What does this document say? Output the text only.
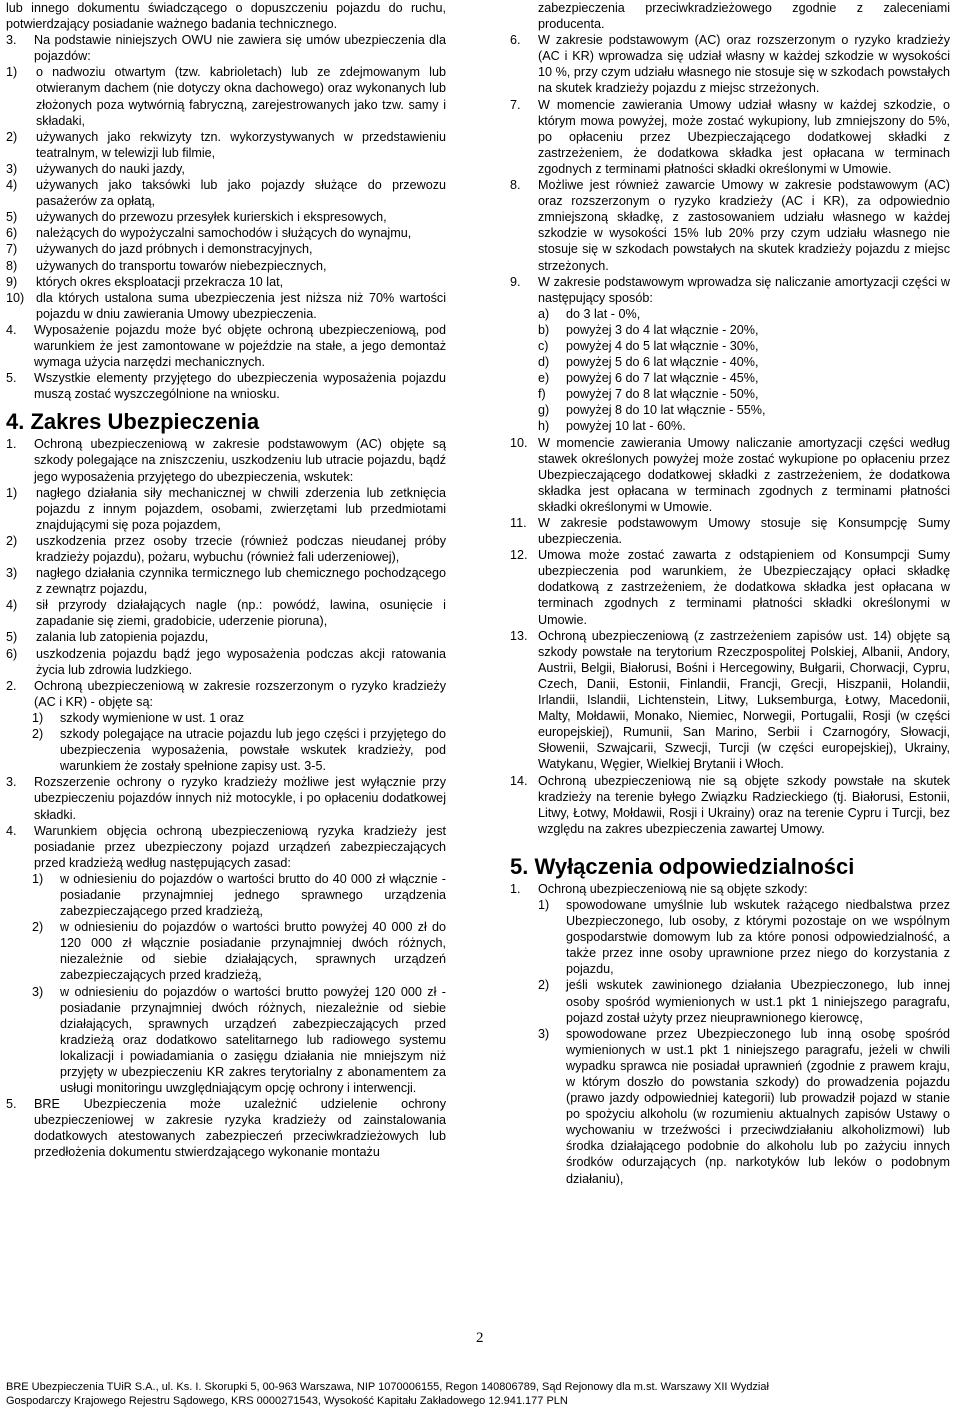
lub innego dokumentu świadczącego o dopuszczeniu pojazdu do ruchu, potwierdzający posiadanie ważnego badania technicznego.

3.	Na podstawie niniejszych OWU nie zawiera się umów ubezpieczenia dla pojazdów:
1)	o nadwoziu otwartym (tzw. kabrioletach) lub ze zdejmowanym lub otwieranym dachem (nie dotyczy okna dachowego) oraz wykonanych lub złożonych poza wytwórnią fabryczną, zarejestrowanych jako tzw. samy i składaki,
2)	używanych jako rekwizyty tzn. wykorzystywanych w przedstawieniu teatralnym, w telewizji lub filmie,
3)	używanych do nauki jazdy,
4)	używanych jako taksówki lub jako pojazdy służące do przewozu pasażerów za opłatą,
5)	używanych do przewozu przesyłek kurierskich i ekspresowych,
6)	należących do wypożyczalni samochodów i służących do wynajmu,
7)	używanych do jazd próbnych i demonstracyjnych,
8)	używanych do transportu towarów niebezpiecznych,
9)	których okres eksploatacji przekracza 10 lat,
10) dla których ustalona suma ubezpieczenia jest niższa niż 70% wartości pojazdu w dniu zawierania Umowy ubezpieczenia.
4.	Wyposażenie pojazdu może być objęte ochroną ubezpieczeniową, pod warunkiem że jest zamontowane w pojeździe na stałe, a jego demontaż wymaga użycia narzędzi mechanicznych.
5.	Wszystkie elementy przyjętego do ubezpieczenia wyposażenia pojazdu muszą zostać wyszczególnione na wniosku.
4. Zakres Ubezpieczenia
1.	Ochroną ubezpieczeniową w zakresie podstawowym (AC) objęte są szkody polegające na zniszczeniu, uszkodzeniu lub utracie pojazdu, bądź jego wyposażenia przyjętego do ubezpieczenia, wskutek:
1)	nagłego działania siły mechanicznej w chwili zderzenia lub zetknięcia pojazdu z innym pojazdem, osobami, zwierzętami lub przedmiotami znajdującymi się poza pojazdem,
2)	uszkodzenia przez osoby trzecie (również podczas nieudanej próby kradzieży pojazdu), pożaru, wybuchu (również fali uderzeniowej),
3)	nagłego działania czynnika termicznego lub chemicznego pochodzącego z zewnątrz pojazdu,
4)	sił przyrody działających nagle (np.: powódź, lawina, osunięcie i zapadanie się ziemi, gradobicie, uderzenie pioruna),
5)	zalania lub zatopienia pojazdu,
6)	uszkodzenia pojazdu bądź jego wyposażenia podczas akcji ratowania życia lub zdrowia ludzkiego.
2.	Ochroną ubezpieczeniową w zakresie rozszerzonym o ryzyko kradzieży (AC i KR) - objęte są:
1)	szkody wymienione w ust. 1 oraz
2)	szkody polegające na utracie pojazdu lub jego części i przyjętego do ubezpieczenia wyposażenia, powstałe wskutek kradzieży, pod warunkiem że zostały spełnione zapisy ust. 3-5.
3.	Rozszerzenie ochrony o ryzyko kradzieży możliwe jest wyłącznie przy ubezpieczeniu pojazdów innych niż motocykle, i po opłaceniu dodatkowej składki.
4.	Warunkiem objęcia ochroną ubezpieczeniową ryzyka kradzieży jest posiadanie przez ubezpieczony pojazd urządzeń zabezpieczających przed kradzieżą według następujących zasad:
1)	w odniesieniu do pojazdów o wartości brutto do 40 000 zł włącznie - posiadanie przynajmniej jednego sprawnego urządzenia zabezpieczającego przed kradzieżą,
2)	w odniesieniu do pojazdów o wartości brutto powyżej 40 000 zł do 120 000 zł włącznie posiadanie przynajmniej dwóch różnych, niezależnie od siebie działających, sprawnych urządzeń zabezpieczających przed kradzieżą,
3)	w odniesieniu do pojazdów o wartości brutto powyżej 120 000 zł - posiadanie przynajmniej dwóch różnych, niezależnie od siebie działających, sprawnych urządzeń zabezpieczających przed kradzieżą oraz dodatkowo satelitarnego lub radiowego systemu lokalizacji i powiadamiania o zasięgu działania nie mniejszym niż przyjęty w ubezpieczeniu KR zakres terytorialny z abonamentem za usługi monitoringu uwzględniającym opcję ochrony i interwencji.
5.	BRE Ubezpieczenia może uzależnić udzielenie ochrony ubezpieczeniowej w zakresie ryzyka kradzieży od zainstalowania dodatkowych atestowanych zabezpieczeń przeciwkradzieżowych lub przedłożenia dokumentu stwierdzającego wykonanie montażu

zabezpieczenia przeciwkradzieżowego zgodnie z zaleceniami producenta.

6.	W zakresie podstawowym (AC) oraz rozszerzonym o ryzyko kradzieży (AC i KR) wprowadza się udział własny w każdej szkodzie w wysokości 10 %, przy czym udziału własnego nie stosuje się w szkodach powstałych na skutek kradzieży pojazdu z miejsc strzeżonych.
7.	W momencie zawierania Umowy udział własny w każdej szkodzie, o którym mowa powyżej, może zostać wykupiony, lub zmniejszony do 5%, po opłaceniu przez Ubezpieczającego dodatkowej składki z zastrzeżeniem, że dodatkowa składka jest opłacana w terminach zgodnych z terminami płatności składki określonymi w Umowie.
8.	Możliwe jest również zawarcie Umowy w zakresie podstawowym (AC) oraz rozszerzonym o ryzyko kradzieży (AC i KR), za odpowiednio zmniejszoną składkę, z zastosowaniem udziału własnego w każdej szkodzie w wysokości 15% lub 20% przy czym udziału własnego nie stosuje się w szkodach powstałych na skutek kradzieży pojazdu z miejsc strzeżonych.
9.	W zakresie podstawowym wprowadza się naliczanie amortyzacji części w następujący sposób:
a)	do 3 lat - 0%,
b)	powyżej 3 do 4 lat włącznie - 20%,
c)	powyżej 4 do 5 lat włącznie - 30%,
d)	powyżej 5 do 6 lat włącznie - 40%,
e)	powyżej 6 do 7 lat włącznie - 45%,
f)	powyżej 7 do 8 lat włącznie - 50%,
g)	powyżej 8 do 10 lat włącznie - 55%,
h)	powyżej 10 lat - 60%.
10. W momencie zawierania Umowy naliczanie amortyzacji części według stawek określonych powyżej może zostać wykupione po opłaceniu przez Ubezpieczającego dodatkowej składki z zastrzeżeniem, że dodatkowa składka jest opłacana w terminach zgodnych z terminami płatności składki określonymi w Umowie.
11. W zakresie podstawowym Umowy stosuje się Konsumpcję Sumy ubezpieczenia.
12. Umowa może zostać zawarta z odstąpieniem od Konsumpcji Sumy ubezpieczenia pod warunkiem, że Ubezpieczający opłaci składkę dodatkową z zastrzeżeniem, że dodatkowa składka jest opłacana w terminach zgodnych z terminami płatności składki określonymi w Umowie.
13. Ochroną ubezpieczeniową (z zastrzeżeniem zapisów ust. 14) objęte są szkody powstałe na terytorium Rzeczpospolitej Polskiej, Albanii, Andory, Austrii, Belgii, Białorusi, Bośni i Hercegowiny, Bułgarii, Chorwacji, Cypru, Czech, Danii, Estonii, Finlandii, Francji, Grecji, Hiszpanii, Holandii, Irlandii, Islandii, Lichtenstein, Litwy, Luksemburga, Łotwy, Macedonii, Malty, Mołdawii, Monako, Niemiec, Norwegii, Portugalii, Rosji (w części europejskiej), Rumunii, San Marino, Serbii i Czarnogóry, Słowacji, Słowenii, Szwajcarii, Szwecji, Turcji (w części europejskiej), Ukrainy, Watykanu, Węgier, Wielkiej Brytanii i Włoch.
14. Ochroną ubezpieczeniową nie są objęte szkody powstałe na skutek kradzieży na terenie byłego Związku Radzieckiego (tj. Białorusi, Estonii, Litwy, Łotwy, Mołdawii, Rosji i Ukrainy) oraz na terenie Cypru i Turcji, bez względu na zakres ubezpieczenia zawartej Umowy.
5. Wyłączenia odpowiedzialności
1.	Ochroną ubezpieczeniową nie są objęte szkody:
1)	spowodowane umyślnie lub wskutek rażącego niedbalstwa przez Ubezpieczonego, lub osoby, z którymi pozostaje on we wspólnym gospodarstwie domowym lub za które ponosi odpowiedzialność, a także przez inne osoby uprawnione przez niego do korzystania z pojazdu,
2)	jeśli wskutek zawinionego działania Ubezpieczonego, lub innej osoby spośród wymienionych w ust.1 pkt 1 niniejszego paragrafu, pojazd został użyty przez nieuprawnionego kierowcę,
3)	spowodowane przez Ubezpieczonego lub inną osobę spośród wymienionych w ust.1 pkt 1 niniejszego paragrafu, jeżeli w chwili wypadku sprawca nie posiadał uprawnień (zgodnie z prawem kraju, w którym doszło do powstania szkody) do prowadzenia pojazdu (prawo jazdy odpowiedniej kategorii) lub prowadził pojazd w stanie po spożyciu alkoholu (w rozumieniu aktualnych zapisów Ustawy o wychowaniu w trzeźwości i przeciwdziałaniu alkoholizmowi) lub środka działającego podobnie do alkoholu lub po zażyciu innych środków odurzających (np. narkotyków lub leków o podobnym działaniu),
2
BRE Ubezpieczenia TUiR S.A., ul. Ks. I. Skorupki 5, 00-963 Warszawa, NIP 1070006155, Regon 140806789, Sąd Rejonowy dla m.st. Warszawy XII Wydział
Gospodarczy Krajowego Rejestru Sądowego, KRS 0000271543, Wysokość Kapitału Zakładowego 12.941.177 PLN
